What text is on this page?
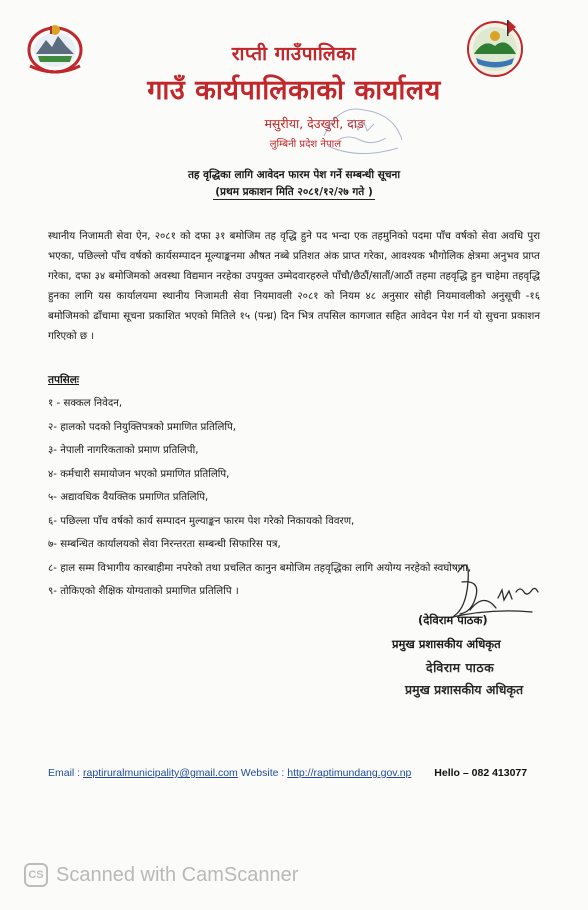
राप्ती गाउँपालिका
गाउँ कार्यपालिकाको कार्यालय
मसुरीया, देउखुरी, दाङ
लुम्बिनी प्रदेश नेपाल
तह वृद्धिका लागि आवेदन फारम पेश गर्ने सम्बन्धी सूचना
(प्रथम प्रकाशन मिति २०८१/१२/२७ गते )
स्थानीय निजामती सेवा ऐन, २०८१ को दफा ३१ बमोजिम तह वृद्धि हुने पद भन्दा एक तहमुनिको पदमा पाँच वर्षको सेवा अवधि पुरा भएका, पछिल्लो पाँच वर्षको कार्यसम्पादन मूल्याङ्कनमा औषत नब्बे प्रतिशत अंक प्राप्त गरेका, आवश्यक भौगोलिक क्षेत्रमा अनुभव प्राप्त गरेका, दफा ३४ बमोजिमको अवस्था विद्यमान नरहेका उपयुक्त उम्मेदवारहरुले पाँचौ/छैठौं/सातौं/आठौं तहमा तहवृद्धि हुन चाहेमा तहवृद्धि हुनका लागि यस कार्यालयमा स्थानीय निजामती सेवा नियमावली २०८१ को नियम ४८ अनुसार सोही नियमावलीको अनुसूची -१६ बमोजिमको ढाँचामा सूचना प्रकाशित भएको मितिले १५ (पन्ध्र) दिन भित्र तपसिल कागजात सहित आवेदन पेश गर्न यो सुचना प्रकाशन गरिएको छ ।
तपसिलः
१ - सक्कल निवेदन,
२- हालको पदको नियुक्तिपत्रको प्रमाणित प्रतिलिपि,
३- नेपाली नागरिकताको प्रमाण प्रतिलिपी,
४- कर्मचारी समायोजन भएको प्रमाणित प्रतिलिपि,
५- अद्यावधिक वैयक्तिक प्रमाणित प्रतिलिपि,
६- पछिल्ला पाँच वर्षको कार्य सम्पादन मुल्याङ्कन फारम पेश गरेको निकायको विवरण,
७- सम्बन्धित कार्यालयको सेवा निरन्तरता सम्बन्धी सिफारिस पत्र,
८- हाल सम्म विभागीय कारबाहीमा नपरेको तथा प्रचलित कानुन बमोजिम तहवृद्धिका लागि अयोग्य नरहेको स्वघोषणा,
९- तोकिएको शैक्षिक योग्यताको प्रमाणित प्रतिलिपि ।
(देविराम पाठक)
प्रमुख प्रशासकीय अधिकृत
देविराम पाठक
प्रमुख प्रशासकीय अधिकृत
Email : raptiruralmunicipality@gmail.com Website : http://raptimundang.gov.np Hello – 082 413077
CS Scanned with CamScanner
